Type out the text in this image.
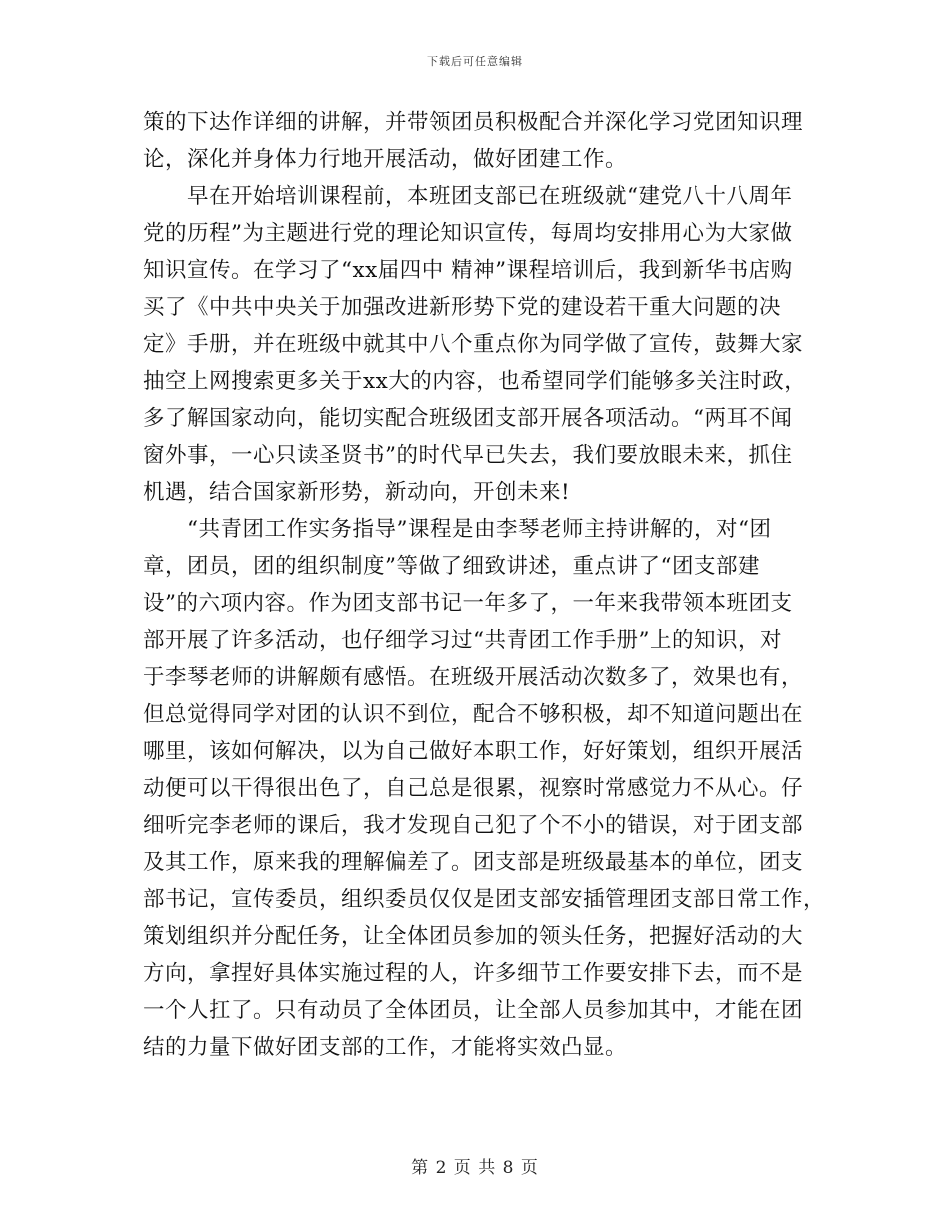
下载后可任意编辑
策的下达作详细的讲解，并带领团员积极配合并深化学习党团知识理
论，深化并身体力行地开展活动，做好团建工作。
早在开始培训课程前，本班团支部已在班级就“建党八十八周年
党的历程”为主题进行党的理论知识宣传，每周均安排用心为大家做
知识宣传。在学习了“xx届四中 精神”课程培训后，我到新华书店购
买了《中共中央关于加强改进新形势下党的建设若干重大问题的决
定》手册，并在班级中就其中八个重点你为同学做了宣传，鼓舞大家
抽空上网搜索更多关于xx大的内容，也希望同学们能够多关注时政，
多了解国家动向，能切实配合班级团支部开展各项活动。“两耳不闻
窗外事，一心只读圣贤书”的时代早已失去，我们要放眼未来，抓住
机遇，结合国家新形势，新动向，开创未来!
“共青团工作实务指导”课程是由李琴老师主持讲解的，对“团
章，团员，团的组织制度”等做了细致讲述，重点讲了“团支部建
设”的六项内容。作为团支部书记一年多了，一年来我带领本班团支
部开展了许多活动，也仔细学习过“共青团工作手册”上的知识，对
于李琴老师的讲解颇有感悟。在班级开展活动次数多了，效果也有，
但总觉得同学对团的认识不到位，配合不够积极，却不知道问题出在
哪里，该如何解决，以为自己做好本职工作，好好策划，组织开展活
动便可以干得很出色了，自己总是很累，视察时常感觉力不从心。仔
细听完李老师的课后，我才发现自己犯了个不小的错误，对于团支部
及其工作，原来我的理解偏差了。团支部是班级最基本的单位，团支
部书记，宣传委员，组织委员仅仅是团支部安插管理团支部日常工作，
策划组织并分配任务，让全体团员参加的领头任务，把握好活动的大
方向，拿捏好具体实施过程的人，许多细节工作要安排下去，而不是
一个人扛了。只有动员了全体团员，让全部人员参加其中，才能在团
结的力量下做好团支部的工作，才能将实效凸显。
第 2 页 共 8 页
